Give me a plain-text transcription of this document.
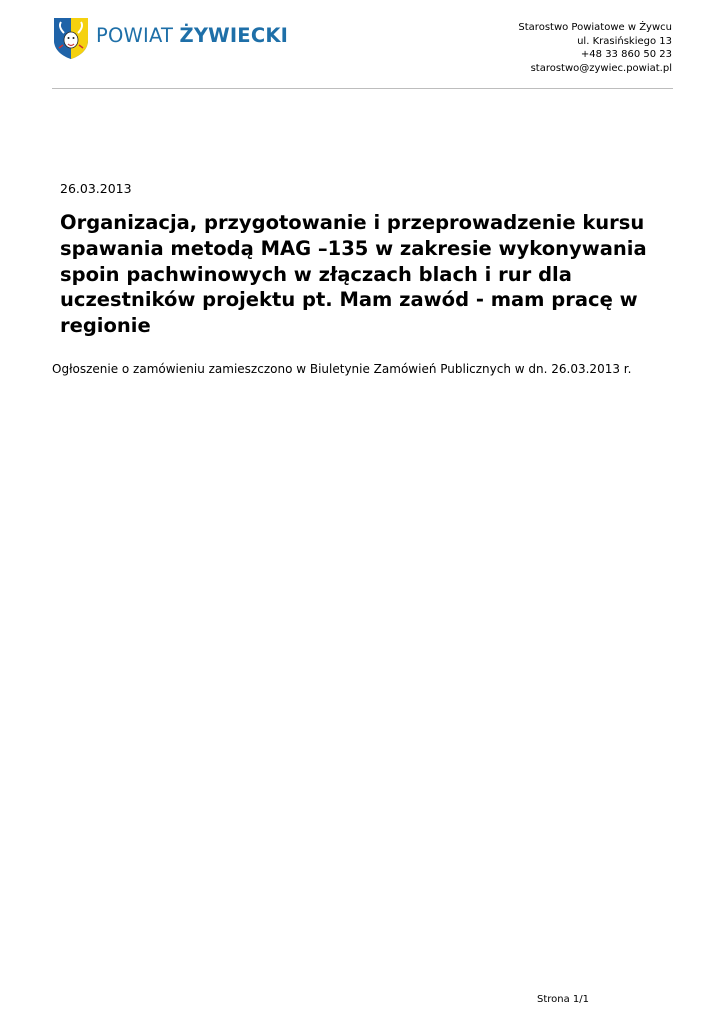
POWIAT ŻYWIECKI	Starostwo Powiatowe w Żywcu
ul. Krasińskiego 13
+48 33 860 50 23
starostwo@zywiec.powiat.pl
26.03.2013
Organizacja, przygotowanie i przeprowadzenie kursu spawania metodą MAG –135 w zakresie wykonywania spoin pachwinowych w złączach blach i rur dla uczestników projektu pt. Mam zawód - mam pracę w regionie
Ogłoszenie o zamówieniu zamieszczono w Biuletynie Zamówień Publicznych w dn. 26.03.2013 r.
Strona 1/1
